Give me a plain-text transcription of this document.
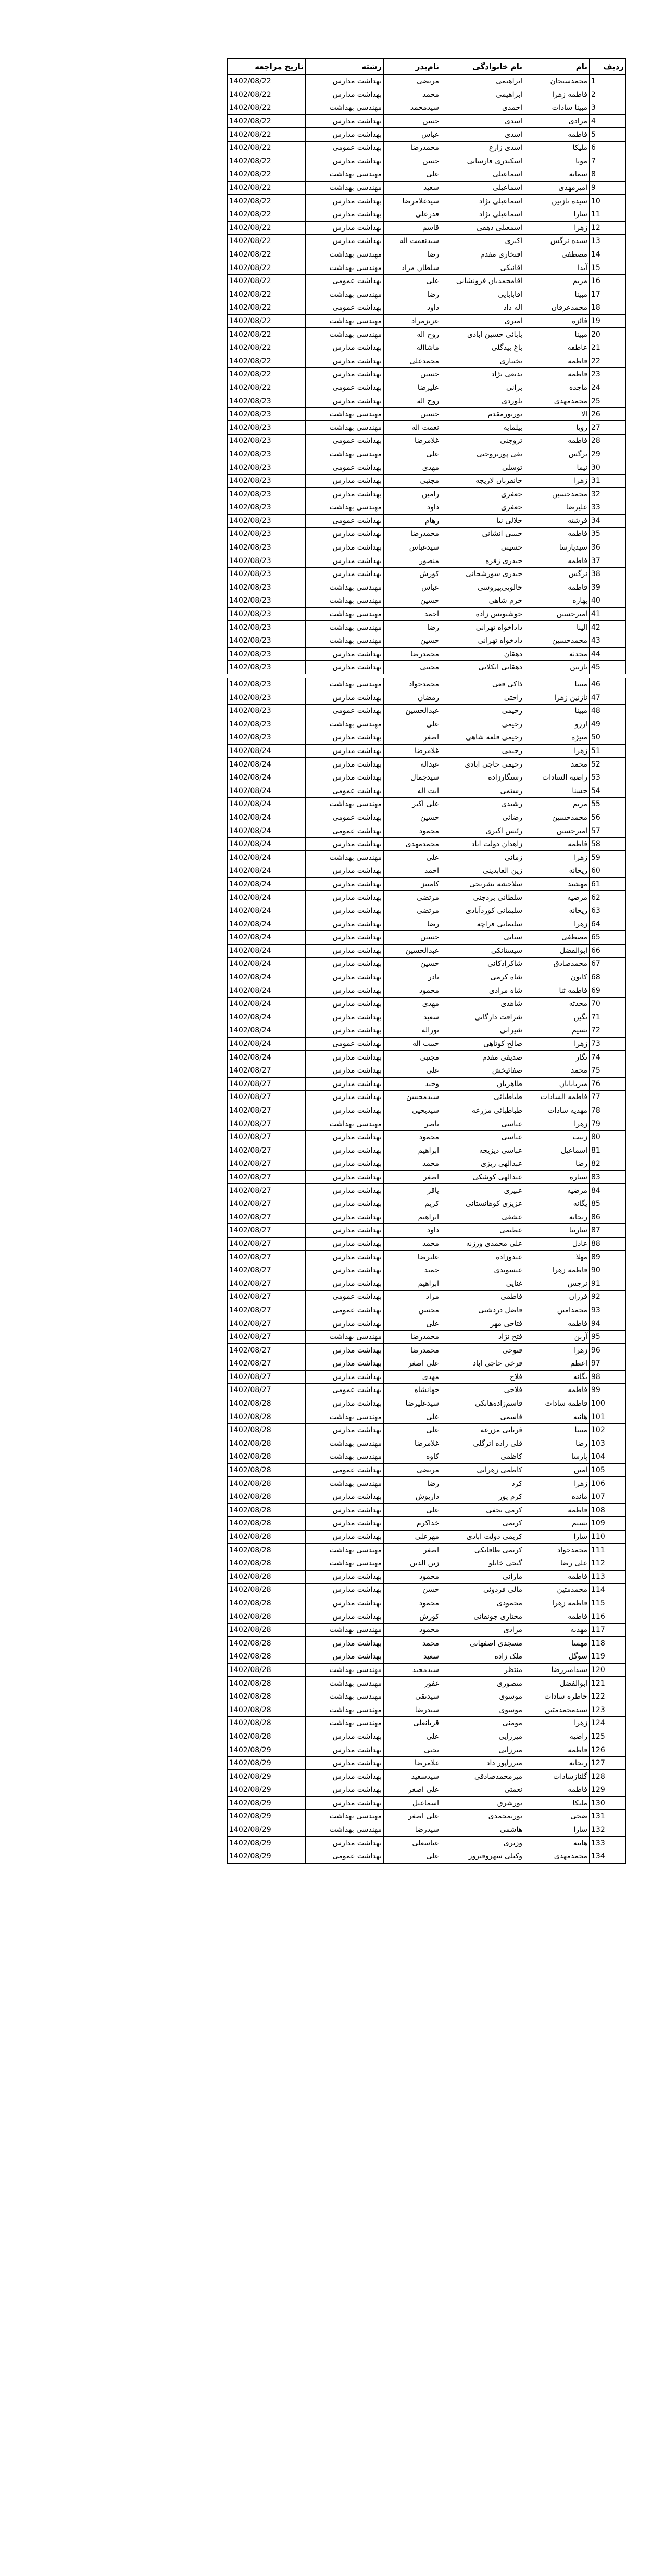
ردیف	نام	نام خانوادگی	نام‌پدر	رشته	تاریخ مراجعه
1	محمدسبحان	ابراهیمی	مرتضی	بهداشت مدارس	1402/08/22
2	فاطمه زهرا	ابراهیمی	محمد	بهداشت مدارس	1402/08/22
3	مبینا سادات	احمدی	سیدمحمد	مهندسی بهداشت	1402/08/22
4	مرادی	اسدی	حسن	بهداشت مدارس	1402/08/22
5	فاطمه	اسدی	عباس	بهداشت مدارس	1402/08/22
6	ملیکا	اسدی زارع	محمدرضا	بهداشت عمومی	1402/08/22
7	مونا	اسکندری فارسانی	حسن	بهداشت مدارس	1402/08/22
8	سمانه	اسماعیلی	علی	مهندسی بهداشت	1402/08/22
9	امیرمهدی	اسماعیلی	سعید	مهندسی بهداشت	1402/08/22
10	سیده نازنین	اسماعیلی نژاد	سیدغلامرضا	بهداشت مدارس	1402/08/22
11	سارا	اسماعیلی نژاد	قدرعلی	بهداشت مدارس	1402/08/22
12	زهرا	اسمعیلی دهقی	قاسم	بهداشت مدارس	1402/08/22
13	سیده نرگس	اکبری	سیدنعمت اله	بهداشت مدارس	1402/08/22
14	مصطفی	افتخاری مقدم	رضا	مهندسی بهداشت	1402/08/22
15	آیدا	اقانیکی	سلطان مراد	مهندسی بهداشت	1402/08/22
16	مریم	اقامحمدیان فرونشانی	علی	بهداشت عمومی	1402/08/22
17	مبینا	اقابابایی	رضا	مهندسی بهداشت	1402/08/22
18	محمدعرفان	اله داد	داود	بهداشت عمومی	1402/08/22
19	فائزه	امیری	عزیزمراد	مهندسی بهداشت	1402/08/22
20	مبینا	بابائی حسین ابادی	روح اله	مهندسی بهداشت	1402/08/22
21	عاطفه	باغ بیدگلی	ماشااله	بهداشت مدارس	1402/08/22
22	فاطمه	بختیاری	محمدعلی	بهداشت مدارس	1402/08/22
23	فاطمه	بدیعی نژاد	حسین	بهداشت مدارس	1402/08/22
24	ماجده	برانی	علیرضا	بهداشت عمومی	1402/08/22
25	محمدمهدی	بلوردی	روح اله	بهداشت مدارس	1402/08/23
26	الا	بوربورمقدم	حسین	مهندسی بهداشت	1402/08/23
27	رویا	بیلمایه	نعمت اله	مهندسی بهداشت	1402/08/23
28	فاطمه	تروجنی	غلامرضا	بهداشت عمومی	1402/08/23
29	نرگس	تقی پوربروجنی	علی	مهندسی بهداشت	1402/08/23
30	نیما	توسلی	مهدی	بهداشت عمومی	1402/08/23
31	زهرا	جانقربان لاریجه	مجتبی	بهداشت مدارس	1402/08/23
32	محمدحسین	جعفری	رامین	بهداشت مدارس	1402/08/23
33	علیرضا	جعفری	داود	مهندسی بهداشت	1402/08/23
34	فرشته	جلالی نیا	رهام	بهداشت عمومی	1402/08/23
35	فاطمه	حبیبی انشانی	محمدرضا	بهداشت مدارس	1402/08/23
36	سیدپارسا	حسینی	سیدعباس	بهداشت مدارس	1402/08/23
37	فاطمه	حیدری زفره	منصور	بهداشت مدارس	1402/08/23
38	نرگس	حیدری سورشجانی	کورش	بهداشت مدارس	1402/08/23
39	فاطمه	خالویی‌پیروسی	عباس	مهندسی بهداشت	1402/08/23
40	بهاره	خرم شاهی	حسین	مهندسی بهداشت	1402/08/23
41	امیرحسین	خوشنویس زاده	احمد	مهندسی بهداشت	1402/08/23
42	الینا	داداخواه تهرانی	رضا	مهندسی بهداشت	1402/08/23
43	محمدحسین	دادخواه تهرانی	حسین	مهندسی بهداشت	1402/08/23
44	محدثه	دهقان	محمدرضا	بهداشت مدارس	1402/08/23
45	نازنین	دهقانی انکلابی	مجتبی	بهداشت مدارس	1402/08/23

46	مبینا	ذاکی فعی	محمدجواد	مهندسی بهداشت	1402/08/23
47	نازنین زهرا	راحتی	رمضان	بهداشت مدارس	1402/08/23
48	مبینا	رحیمی	عبدالحسین	بهداشت عمومی	1402/08/23
49	ارزو	رحیمی	علی	مهندسی بهداشت	1402/08/23
50	منیژه	رحیمی قلعه شاهی	اصغر	بهداشت مدارس	1402/08/23
51	زهرا	رحیمی	غلامرضا	بهداشت مدارس	1402/08/24
52	محمد	رحیمی حاجی ابادی	عبداله	بهداشت مدارس	1402/08/24
53	راضیه السادات	رستگارزاده	سیدجمال	بهداشت مدارس	1402/08/24
54	حسنا	رستمی	ایت اله	بهداشت عمومی	1402/08/24
55	مریم	رشیدی	علی اکبر	مهندسی بهداشت	1402/08/24
56	محمدحسین	رضائی	حسین	بهداشت عمومی	1402/08/24
57	امیرحسین	رئیس اکبری	محمود	بهداشت عمومی	1402/08/24
58	فاطمه	زاهدان دولت اباد	محمدمهدی	بهداشت مدارس	1402/08/24
59	زهرا	زمانی	علی	مهندسی بهداشت	1402/08/24
60	ریحانه	زین العابدینی	احمد	بهداشت مدارس	1402/08/24
61	مهشید	سلاحشه نشریجی	کامبیز	بهداشت مدارس	1402/08/24
62	مرضیه	سلطانی بردجنی	مرتضی	بهداشت مدارس	1402/08/24
63	ریحانه	سلیمانی کوردآبادی	مرتضی	بهداشت مدارس	1402/08/24
64	زهرا	سلیمانی فراچه	رضا	بهداشت مدارس	1402/08/24
65	مصطفی	سیانی	حسین	بهداشت مدارس	1402/08/24
66	ابوالفضل	سیستانکی	عبدالحسین	بهداشت مدارس	1402/08/24
67	محمدصادق	شاکرادکانی	حسین	بهداشت مدارس	1402/08/24
68	کانون	شاه کرمی	نادر	بهداشت مدارس	1402/08/24
69	فاطمه ثنا	شاه مرادی	محمود	بهداشت مدارس	1402/08/24
70	محدثه	شاهدی	مهدی	بهداشت مدارس	1402/08/24
71	نگین	شرافت دارگانی	سعید	بهداشت مدارس	1402/08/24
72	نسیم	شیرانی	نوراله	بهداشت مدارس	1402/08/24
73	زهرا	صالح کوتاهی	حبیب اله	بهداشت عمومی	1402/08/24
74	نگار	صدیقی مقدم	مجتبی	بهداشت مدارس	1402/08/24
75	محمد	صفائیخش	علی	بهداشت مدارس	1402/08/27
76	میربابایان	طاهریان	وحید	بهداشت مدارس	1402/08/27
77	فاطمه السادات	طباطبائی	سیدمحسن	بهداشت مدارس	1402/08/27
78	مهدیه سادات	طباطبائی مزرعه	سیدیحیی	بهداشت مدارس	1402/08/27
79	زهرا	عباسی	ناصر	مهندسی بهداشت	1402/08/27
80	زینب	عباسی	محمود	بهداشت مدارس	1402/08/27
81	اسماعیل	عباسی دیزیجه	ابراهیم	بهداشت مدارس	1402/08/27
82	رضا	عبدالهی ریزی	محمد	بهداشت مدارس	1402/08/27
83	ستاره	عبدالهی کوشکی	اصغر	بهداشت مدارس	1402/08/27
84	مرضیه	عبیری	یاقر	بهداشت مدارس	1402/08/27
85	یگانه	عزیزی کوهانستانی	کریم	بهداشت مدارس	1402/08/27
86	ریحانه	عشقی	ابراهیم	بهداشت مدارس	1402/08/27
87	سارینا	عظیمی	داود	بهداشت مدارس	1402/08/27
88	عادل	علی محمدی ورزنه	محمد	بهداشت مدارس	1402/08/27
89	مهلا	عیدوزاده	علیرضا	بهداشت مدارس	1402/08/27
90	فاطمه زهرا	عیسوندی	حمید	بهداشت مدارس	1402/08/27
91	نرجس	غنایی	ابراهیم	بهداشت مدارس	1402/08/27
92	فرزان	فاطمی	مراد	بهداشت عمومی	1402/08/27
93	محمدامین	فاضل دردشتی	محسن	بهداشت عمومی	1402/08/27
94	فاطمه	فتاحی مهر	علی	بهداشت مدارس	1402/08/27
95	آرین	فتح نژاد	محمدرضا	مهندسی بهداشت	1402/08/27
96	زهرا	فتوحی	محمدرضا	بهداشت مدارس	1402/08/27
97	اعظم	فرخی حاجی اباد	علی اصغر	بهداشت مدارس	1402/08/27
98	یگانه	فلاح	مهدی	بهداشت مدارس	1402/08/27
99	فاطمه	فلاحی	جهانشاه	بهداشت عمومی	1402/08/27
100	فاطمه سادات	قاسم‌زاده‌هاتکی	سیدعلیرضا	بهداشت مدارس	1402/08/28
101	هانیه	قاسمی	علی	مهندسی بهداشت	1402/08/28
102	مبینا	قربانی مزرعه	علی	بهداشت مدارس	1402/08/28
103	رضا	قلی زاده اترگلی	غلامرضا	مهندسی بهداشت	1402/08/28
104	پارسا	کاظمی	کاوه	مهندسی بهداشت	1402/08/28
105	امین	کاظمی زهرانی	مرتضی	بهداشت عمومی	1402/08/28
106	زهرا	کرد	رضا	مهندسی بهداشت	1402/08/28
107	مانده	کرم پور	داریوش	بهداشت مدارس	1402/08/28
108	فاطمه	کرمی نجفی	علی	بهداشت مدارس	1402/08/28
109	نسیم	کریمی	خداکرم	بهداشت مدارس	1402/08/28
110	سارا	کریمی دولت ابادی	مهرعلی	بهداشت مدارس	1402/08/28
111	محمدجواد	کریمی طاقانکی	اصغر	مهندسی بهداشت	1402/08/28
112	علی رضا	گنجی خانلو	زین الدین	مهندسی بهداشت	1402/08/28
113	فاطمه	مارانی	محمود	بهداشت مدارس	1402/08/28
114	محمدمتین	مالی فردوئی	حسن	بهداشت مدارس	1402/08/28
115	فاطمه زهرا	محمودی	محمود	بهداشت مدارس	1402/08/28
116	فاطمه	مختاری جونقانی	کورش	بهداشت مدارس	1402/08/28
117	مهدیه	مرادی	محمود	مهندسی بهداشت	1402/08/28
118	مهسا	مسجدی اصفهانی	محمد	بهداشت مدارس	1402/08/28
119	سوگل	ملک زاده	سعید	بهداشت مدارس	1402/08/28
120	سیدامیررضا	منتظر	سیدمجید	مهندسی بهداشت	1402/08/28
121	ابوالفضل	منصوری	غفور	مهندسی بهداشت	1402/08/28
122	خاطره سادات	موسوی	سیدتقی	مهندسی بهداشت	1402/08/28
123	سیدمحمدمتین	موسوی	سیدرضا	مهندسی بهداشت	1402/08/28
124	زهرا	مومنی	قربانعلی	مهندسی بهداشت	1402/08/28
125	راضیه	میرزایی	علی	بهداشت مدارس	1402/08/28
126	فاطمه	میرزایی	یحیی	بهداشت مدارس	1402/08/29
127	ریحانه	میرزاپور داد	غلامرضا	بهداشت مدارس	1402/08/29
128	گلنازسادات	میرمحمدصادقی	سیدسعید	بهداشت مدارس	1402/08/29
129	فاطمه	نعمتی	علی اصغر	بهداشت مدارس	1402/08/29
130	ملیکا	نورشرق	اسماعیل	بهداشت مدارس	1402/08/29
131	ضحی	نوریمحمدی	علی اصغر	مهندسی بهداشت	1402/08/29
132	سارا	هاشمی	سیدرضا	مهندسی بهداشت	1402/08/29
133	هانیه	وزیری	عباسعلی	بهداشت مدارس	1402/08/29
134	محمدمهدی	وکیلی سهروفیروز	علی	بهداشت عمومی	1402/08/29
